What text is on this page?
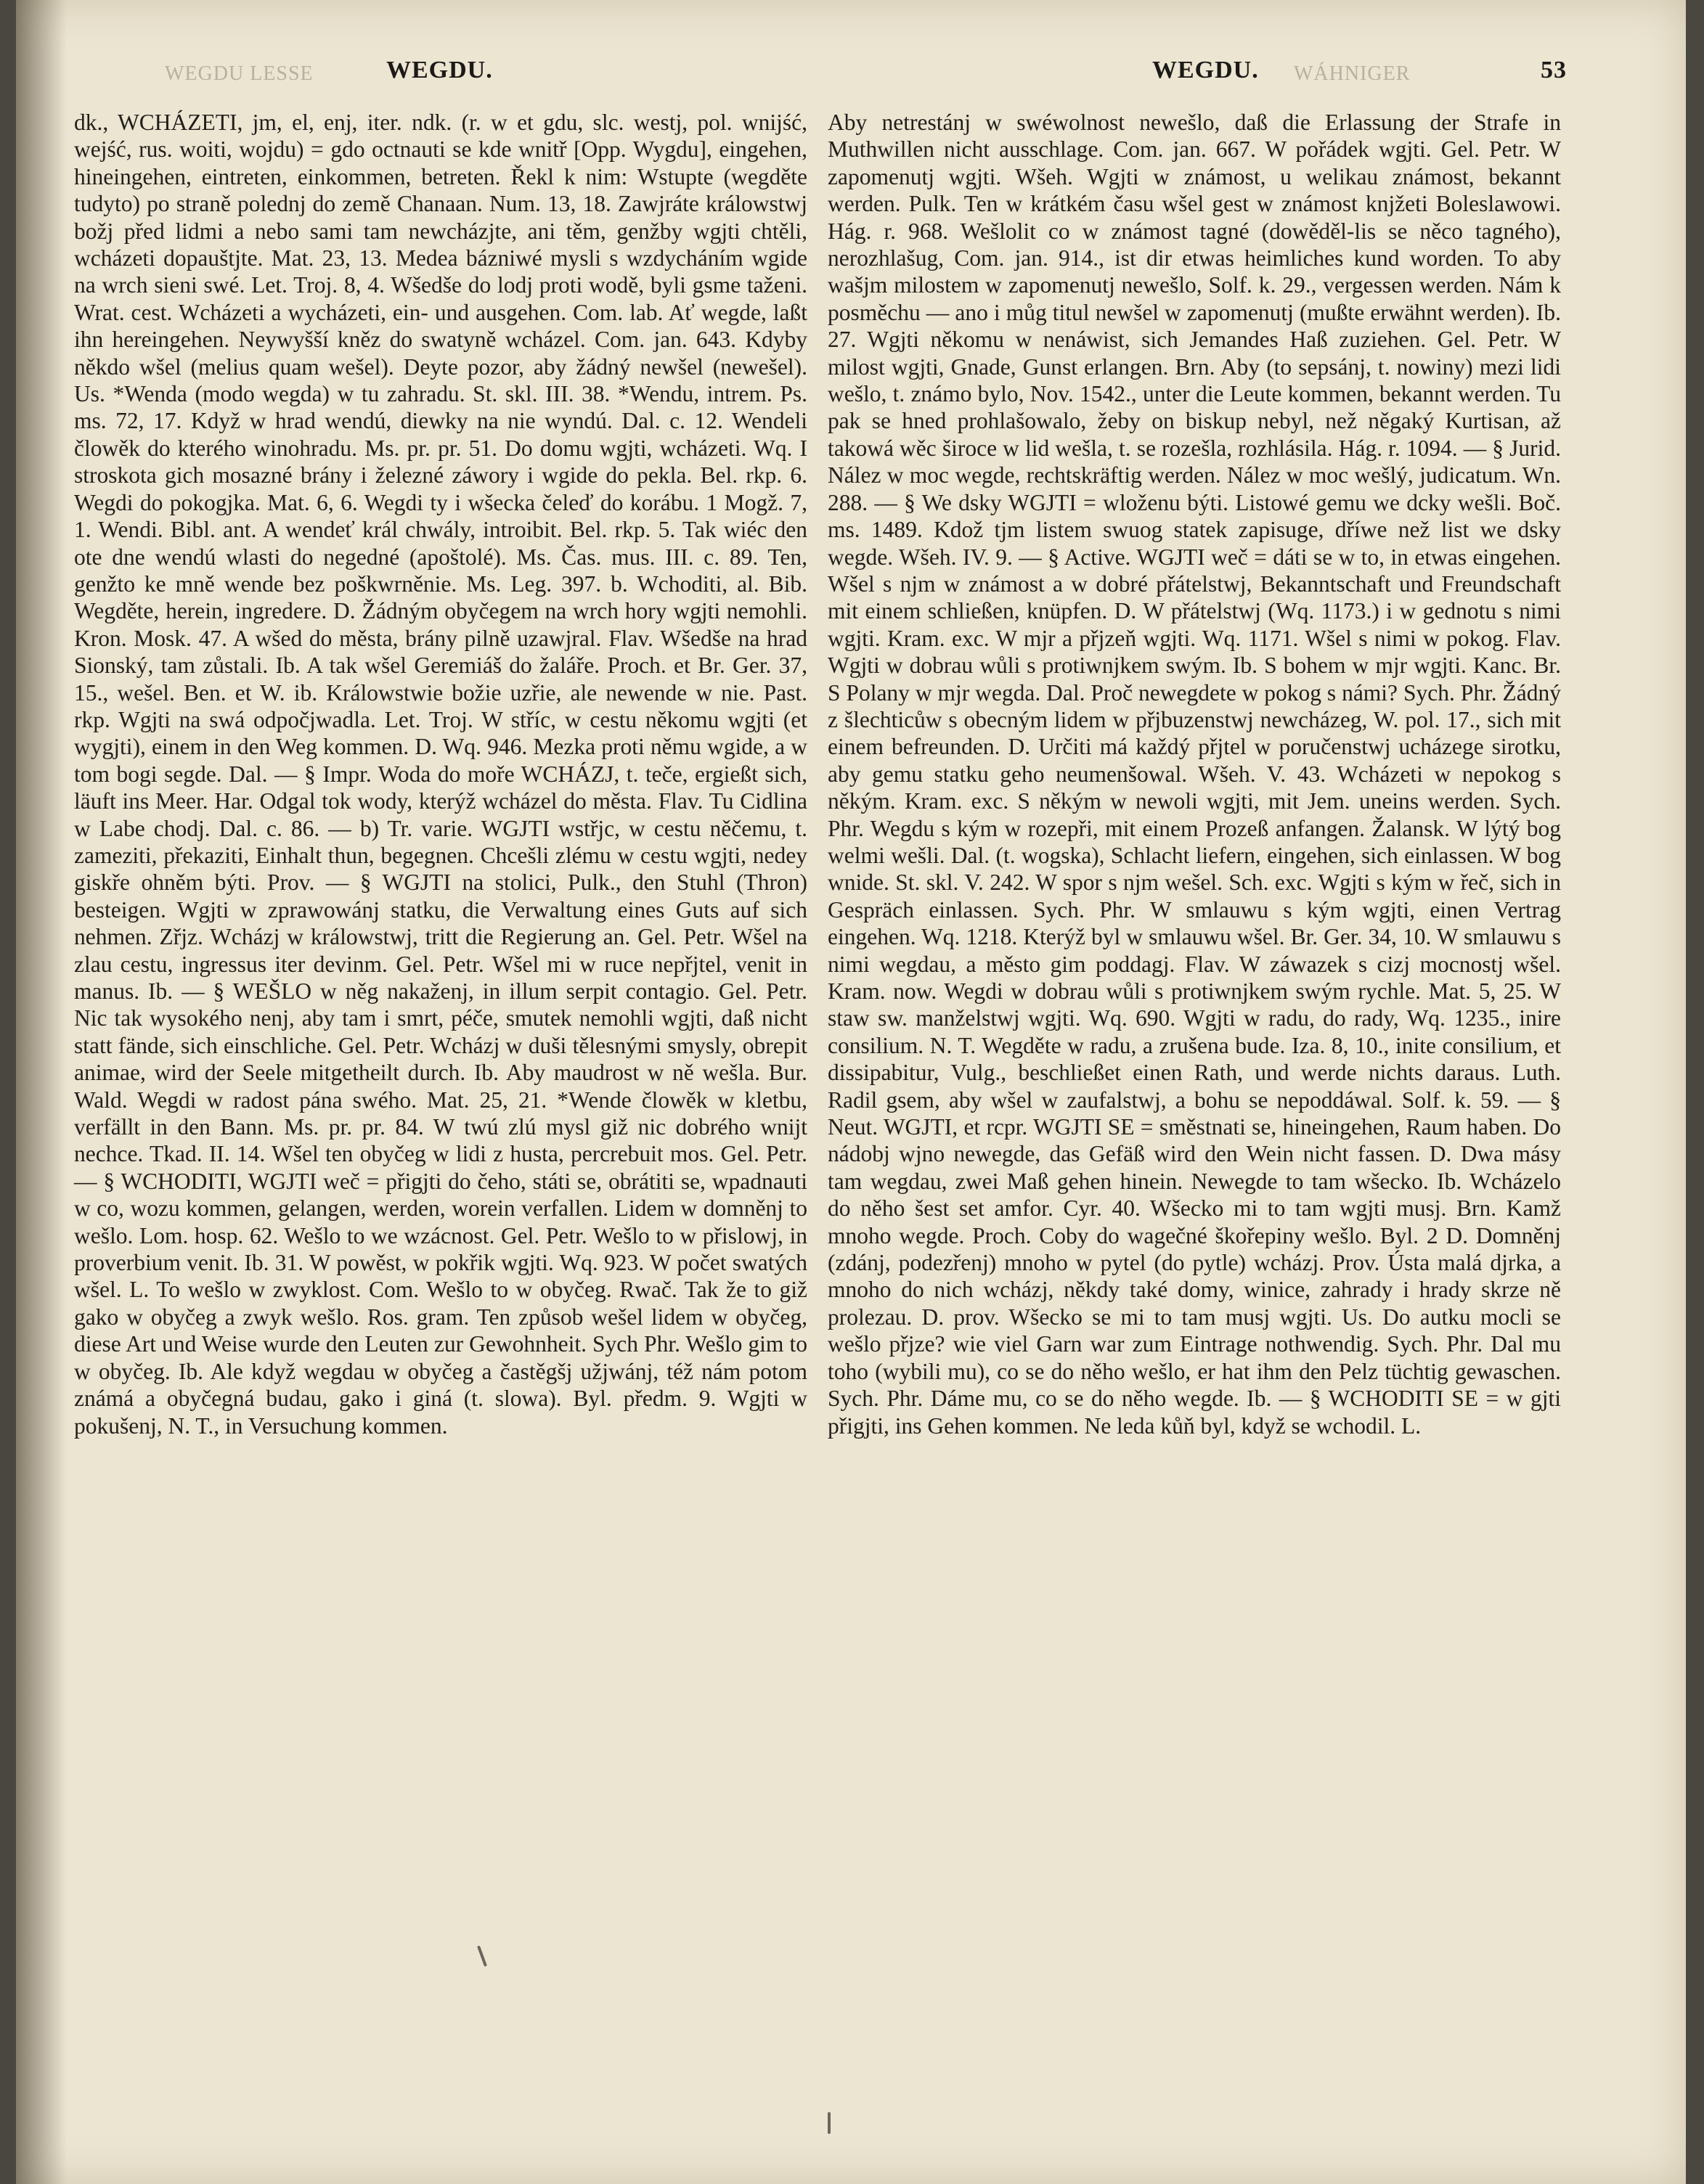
WEGDU LESSE	WÁHNIGER
WEGDU.	WEGDU.	53

dk., WCHÁZETI, jm, el, enj, iter. ndk. (r. w et gdu, slc. westj, pol. wnijść, wejść, rus. woiti, wojdu) = gdo octnauti se kde wnitř [Opp. Wygdu], eingehen, hineingehen, eintreten, einkommen, betreten. Řekl k nim: Wstupte (wegděte tudyto) po straně polednj do země Chanaan. Num. 13, 18. Zawjráte králowstwj božj před lidmi a nebo sami tam newcházjte, ani těm, genžby wgjti chtěli, wcházeti dopauštjte. Mat. 23, 13. Medea bázniwé mysli s wzdycháním wgide na wrch sieni swé. Let. Troj. 8, 4. Wšedše do lodj proti wodě, byli gsme taženi. Wrat. cest. Wcházeti a wycházeti, ein- und ausgehen. Com. lab. Ať wegde, laßt ihn hereingehen. Neywyšší kněz do swatyně wcházel. Com. jan. 643. Kdyby někdo wšel (melius quam wešel). Deyte pozor, aby žádný newšel (newešel). Us. *Wenda (modo wegda) w tu zahradu. St. skl. III. 38. *Wendu, intrem. Ps. ms. 72, 17. Když w hrad wendú, diewky na nie wyndú. Dal. c. 12. Wendeli člowěk do kterého winohradu. Ms. pr. pr. 51. Do domu wgjti, wcházeti. Wq. I stroskota gich mosazné brány i železné záwory i wgide do pekla. Bel. rkp. 6. Wegdi do pokogjka. Mat. 6, 6. Wegdi ty i wšecka čeleď do korábu. 1 Mogž. 7, 1. Wendi. Bibl. ant. A wendeť král chwály, introibit. Bel. rkp. 5. Tak wiéc den ote dne wendú wlasti do negedné (apoštolé). Ms. Čas. mus. III. c. 89. Ten, genžto ke mně wende bez poškwrněnie. Ms. Leg. 397. b. Wchoditi, al. Bib. Wegděte, herein, ingredere. D. Žádným obyčegem na wrch hory wgjti nemohli. Kron. Mosk. 47. A wšed do města, brány pilně uzawjral. Flav. Wšedše na hrad Sionský, tam zůstali. Ib. A tak wšel Geremiáš do žaláře. Proch. et Br. Ger. 37, 15., wešel. Ben. et W. ib. Králowstwie božie uzřie, ale newende w nie. Past. rkp. Wgjti na swá odpočjwadla. Let. Troj. W stříc, w cestu někomu wgjti (et wygjti), einem in den Weg kommen. D. Wq. 946. Mezka proti němu wgide, a w tom bogi segde. Dal. — § Impr. Woda do moře WCHÁZJ, t. teče, ergießt sich, läuft ins Meer. Har. Odgal tok wody, kterýž wcházel do města. Flav. Tu Cidlina w Labe chodj. Dal. c. 86. — b) Tr. varie. WGJTI wstřjc, w cestu něčemu, t. zameziti, překaziti, Einhalt thun, begegnen. Chcešli zlému w cestu wgjti, nedey giskře ohněm býti. Prov. — § WGJTI na stolici, Pulk., den Stuhl (Thron) besteigen. Wgjti w zprawowánj statku, die Verwaltung eines Guts auf sich nehmen. Zřjz. Wcházj w králowstwj, tritt die Regierung an. Gel. Petr. Wšel na zlau cestu, ingressus iter devinm. Gel. Petr. Wšel mi w ruce nepřjtel, venit in manus. Ib. — § WEŠLO w něg nakaženj, in illum serpit contagio. Gel. Petr. Nic tak wysokého nenj, aby tam i smrt, péče, smutek nemohli wgjti, daß nicht statt fände, sich einschliche. Gel. Petr. Wcházj w duši tělesnými smysly, obrepit animae, wird der Seele mitgetheilt durch. Ib. Aby maudrost w ně wešla. Bur. Wald. Wegdi w radost pána swého. Mat. 25, 21. *Wende člowěk w kletbu, verfällt in den Bann. Ms. pr. pr. 84. W twú zlú mysl giž nic dobrého wnijt nechce. Tkad. II. 14. Wšel ten obyčeg w lidi z husta, percrebuit mos. Gel. Petr. — § WCHODITI, WGJTI weč = přigjti do čeho, státi se, obrátiti se, wpadnauti w co, wozu kommen, gelangen, werden, worein verfallen. Lidem w domněnj to wešlo. Lom. hosp. 62. Wešlo to we wzácnost. Gel. Petr. Wešlo to w přislowj, in proverbium venit. Ib. 31. W powěst, w pokřik wgjti. Wq. 923. W počet swatých wšel. L. To wešlo w zwyklost. Com. Wešlo to w obyčeg. Rwač. Tak že to giž gako w obyčeg a zwyk wešlo. Ros. gram. Ten způsob wešel lidem w obyčeg, diese Art und Weise wurde den Leuten zur Gewohnheit. Sych Phr. Wešlo gim to w obyčeg. Ib. Ale když wegdau w obyčeg a častěgšj užjwánj, též nám potom známá a obyčegná budau, gako i giná (t. slowa). Byl. předm. 9. Wgjti w pokušenj, N. T., in Versuchung kommen.

Aby netrestánj w swéwolnost newešlo, daß die Erlassung der Strafe in Muthwillen nicht ausschlage. Com. jan. 667. W pořádek wgjti. Gel. Petr. W zapomenutj wgjti. Wšeh. Wgjti w známost, u welikau známost, bekannt werden. Pulk. Ten w krátkém času wšel gest w známost knjžeti Boleslawowi. Hág. r. 968. Wešlolit co w známost tagné (dowěděl-lis se něco tagného), nerozhlašug, Com. jan. 914., ist dir etwas heimliches kund worden. To aby wašjm milostem w zapomenutj newešlo, Solf. k. 29., vergessen werden. Nám k posměchu — ano i můg titul newšel w zapomenutj (mußte erwähnt werden). Ib. 27. Wgjti někomu w nenáwist, sich Jemandes Haß zuziehen. Gel. Petr. W milost wgjti, Gnade, Gunst erlangen. Brn. Aby (to sepsánj, t. nowiny) mezi lidi wešlo, t. známo bylo, Nov. 1542., unter die Leute kommen, bekannt werden. Tu pak se hned prohlašowalo, žeby on biskup nebyl, než něgaký Kurtisan, až takowá wěc široce w lid wešla, t. se rozešla, rozhlásila. Hág. r. 1094. — § Jurid. Nález w moc wegde, rechtskräftig werden. Nález w moc wešlý, judicatum. Wn. 288. — § We dsky WGJTI = wloženu býti. Listowé gemu we dcky wešli. Boč. ms. 1489. Kdož tjm listem swuog statek zapisuge, dříwe než list we dsky wegde. Wšeh. IV. 9. — § Active. WGJTI weč = dáti se w to, in etwas eingehen. Wšel s njm w známost a w dobré přátelstwj, Bekanntschaft und Freundschaft mit einem schließen, knüpfen. D. W přátelstwj (Wq. 1173.) i w gednotu s nimi wgjti. Kram. exc. W mjr a přjzeň wgjti. Wq. 1171. Wšel s nimi w pokog. Flav. Wgjti w dobrau wůli s protiwnjkem swým. Ib. S bohem w mjr wgjti. Kanc. Br. S Polany w mjr wegda. Dal. Proč newegdete w pokog s námi? Sych. Phr. Žádný z šlechticůw s obecným lidem w přjbuzenstwj newcházeg, W. pol. 17., sich mit einem befreunden. D. Určiti má každý přjtel w poručenstwj ucházege sirotku, aby gemu statku geho neumenšowal. Wšeh. V. 43. Wcházeti w nepokog s někým. Kram. exc. S někým w newoli wgjti, mit Jem. uneins werden. Sych. Phr. Wegdu s kým w rozepři, mit einem Prozeß anfangen. Žalansk. W lýtý bog welmi wešli. Dal. (t. wogska), Schlacht liefern, eingehen, sich einlassen. W bog wnide. St. skl. V. 242. W spor s njm wešel. Sch. exc. Wgjti s kým w řeč, sich in Gespräch einlassen. Sych. Phr. W smlauwu s kým wgjti, einen Vertrag eingehen. Wq. 1218. Kterýž byl w smlauwu wšel. Br. Ger. 34, 10. W smlauwu s nimi wegdau, a město gim poddagj. Flav. W záwazek s cizj mocnostj wšel. Kram. now. Wegdi w dobrau wůli s protiwnjkem swým rychle. Mat. 5, 25. W staw sw. manželstwj wgjti. Wq. 690. Wgjti w radu, do rady, Wq. 1235., inire consilium. N. T. Wegděte w radu, a zrušena bude. Iza. 8, 10., inite consilium, et dissipabitur, Vulg., beschließet einen Rath, und werde nichts daraus. Luth. Radil gsem, aby wšel w zaufalstwj, a bohu se nepoddáwal. Solf. k. 59. — § Neut. WGJTI, et rcpr. WGJTI SE = směstnati se, hineingehen, Raum haben. Do nádobj wjno newegde, das Gefäß wird den Wein nicht fassen. D. Dwa másy tam wegdau, zwei Maß gehen hinein. Newegde to tam wšecko. Ib. Wcházelo do něho šest set amfor. Cyr. 40. Wšecko mi to tam wgjti musj. Brn. Kamž mnoho wegde. Proch. Coby do wagečné škořepiny wešlo. Byl. 2 D. Domněnj (zdánj, podezřenj) mnoho w pytel (do pytle) wcházj. Prov. Ústa malá djrka, a mnoho do nich wcházj, někdy také domy, winice, zahrady i hrady skrze ně prolezau. D. prov. Wšecko se mi to tam musj wgjti. Us. Do autku mocli se wešlo přjze? wie viel Garn war zum Eintrage nothwendig. Sych. Phr. Dal mu toho (wybili mu), co se do něho wešlo, er hat ihm den Pelz tüchtig gewaschen. Sych. Phr. Dáme mu, co se do něho wegde. Ib. — § WCHODITI SE = w gjti přigjti, ins Gehen kommen. Ne leda kůň byl, když se wchodil. L.
